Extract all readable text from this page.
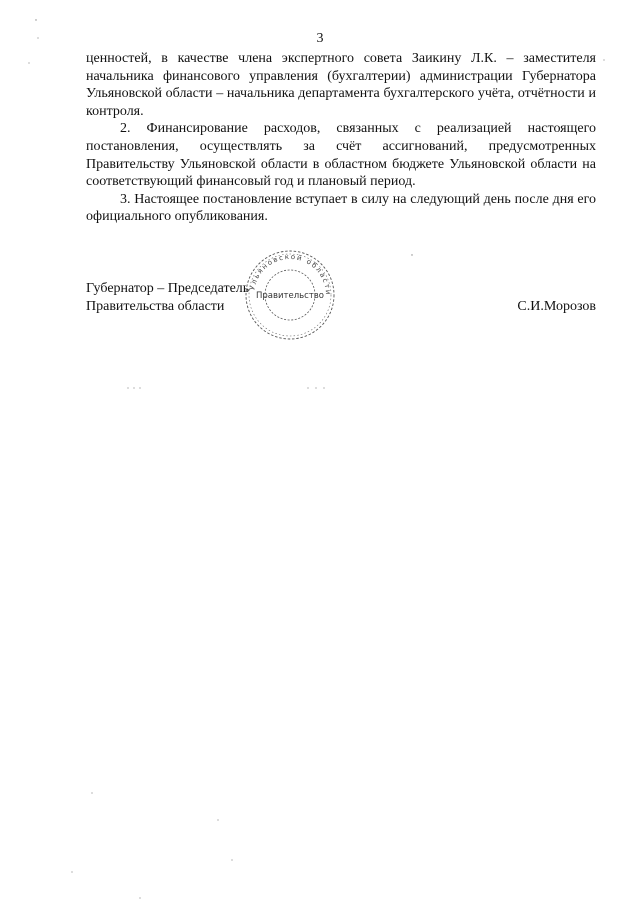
3

ценностей, в качестве члена экспертного совета Заикину Л.К. – заместителя начальника финансового управления (бухгалтерии) администрации Губернатора Ульяновской области – начальника департамента бухгалтерского учёта, отчётности и контроля.

2. Финансирование расходов, связанных с реализацией настоящего постановления, осуществлять за счёт ассигнований, предусмотренных Правительству Ульяновской области в областном бюджете Ульяновской области на соответствующий финансовый год и плановый период.

3. Настоящее постановление вступает в силу на следующий день после дня его официального опубликования.

Губернатор – Председатель
Правительства области	С.И.Морозов
Ульяновской области
Правительство
